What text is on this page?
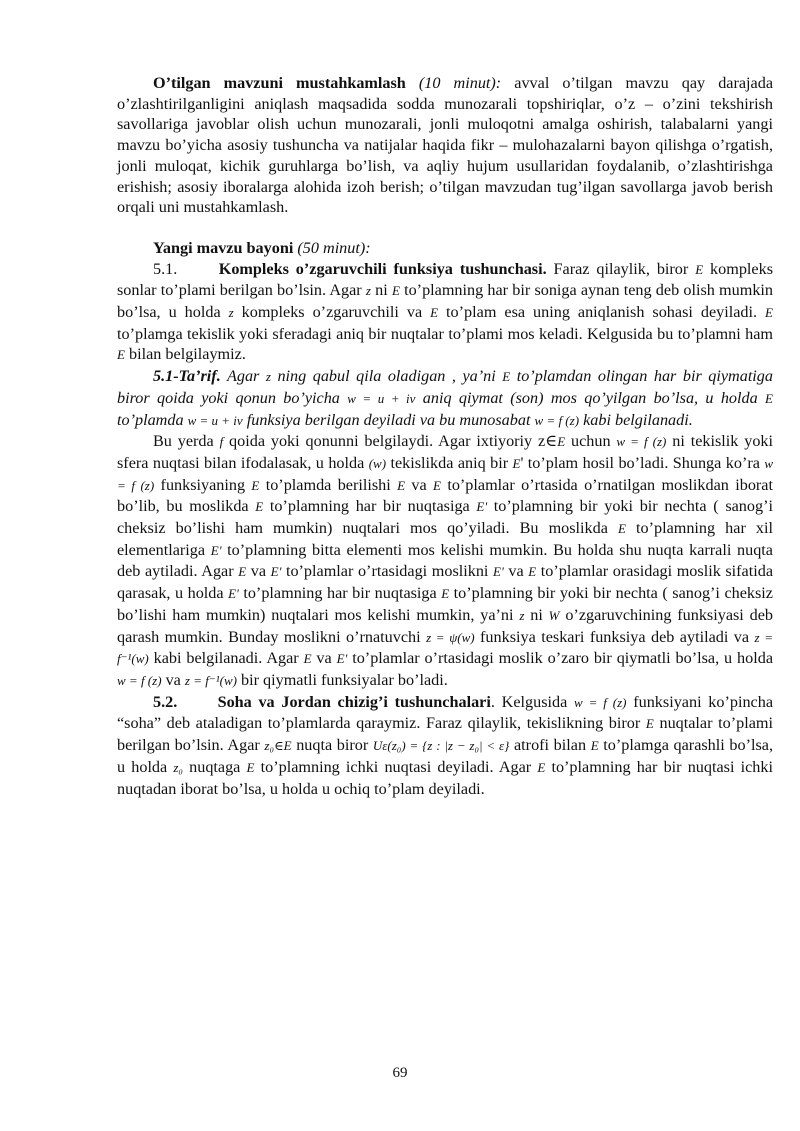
O’tilgan mavzuni mustahkamlash (10 minut): avval o’tilgan mavzu qay darajada o’zlashtirilganligini aniqlash maqsadida sodda munozarali topshiriqlar, o’z – o’zini tekshirish savollariga javoblar olish uchun munozarali, jonli muloqotni amalga oshirish, talabalarni yangi mavzu bo’yicha asosiy tushuncha va natijalar haqida fikr – mulohazalarni bayon qilishga o’rgatish, jonli muloqat, kichik guruhlarga bo’lish, va aqliy hujum usullaridan foydalanib, o’zlashtirishga erishish; asosiy iboralarga alohida izoh berish; o’tilgan mavzudan tug’ilgan savollarga javob berish orqali uni mustahkamlash.

Yangi mavzu bayoni (50 minut):

5.1.	Kompleks o’zgaruvchili funksiya tushunchasi. Faraz qilaylik, biror E kompleks sonlar to’plami berilgan bo’lsin. Agar z ni E to’plamning har bir soniga aynan teng deb olish mumkin bo’lsa, u holda z kompleks o’zgaruvchili va E to’plam esa uning aniqlanish sohasi deyiladi. E to’plamga tekislik yoki sferadagi aniq bir nuqtalar to’plami mos keladi. Kelgusida bu to’plamni ham E bilan belgilaymiz.

5.1-Ta’rif. Agar z ning qabul qila oladigan , ya’ni E to’plamdan olingan har bir qiymatiga biror qoida yoki qonun bo’yicha w = u + iv aniq qiymat (son) mos qo’yilgan bo’lsa, u holda E to’plamda w = u + iv funksiya berilgan deyiladi va bu munosabat w = f (z) kabi belgilanadi.

Bu yerda f qoida yoki qonunni belgilaydi. Agar ixtiyoriy z∈E uchun w = f (z) ni tekislik yoki sfera nuqtasi bilan ifodalasak, u holda (w) tekislikda aniq bir E' to’plam hosil bo’ladi. Shunga ko’ra w = f (z) funksiyaning E to’plamda berilishi E va E to’plamlar o’rtasida o’rnatilgan moslikdan iborat bo’lib, bu moslikda E to’plamning har bir nuqtasiga E' to’plamning bir yoki bir nechta ( sanog’i cheksiz bo’lishi ham mumkin) nuqtalari mos qo’yiladi. Bu moslikda E to’plamning har xil elementlariga E' to’plamning bitta elementi mos kelishi mumkin. Bu holda shu nuqta karrali nuqta deb aytiladi. Agar E va E' to’plamlar o’rtasidagi moslikni E' va E to’plamlar orasidagi moslik sifatida qarasak, u holda E' to’plamning har bir nuqtasiga E to’plamning bir yoki bir nechta ( sanog’i cheksiz bo’lishi ham mumkin) nuqtalari mos kelishi mumkin, ya’ni z ni W o’zgaruvchining funksiyasi deb qarash mumkin. Bunday moslikni o’rnatuvchi z = ψ(w) funksiya teskari funksiya deb aytiladi va z = f⁻¹(w) kabi belgilanadi. Agar E va E' to’plamlar o’rtasidagi moslik o’zaro bir qiymatli bo’lsa, u holda w = f (z) va z = f⁻¹(w) bir qiymatli funksiyalar bo’ladi.

5.2. Soha va Jordan chizig’i tushunchalari. Kelgusida w = f (z) funksiyani ko’pincha “soha” deb ataladigan to’plamlarda qaraymiz. Faraz qilaylik, tekislikning biror E nuqtalar to’plami berilgan bo’lsin. Agar z₀∈E nuqta biror Uε(z₀) = {z : |z − z₀| < ε} atrofi bilan E to’plamga qarashli bo’lsa, u holda z₀ nuqtaga E to’plamning ichki nuqtasi deyiladi. Agar E to’plamning har bir nuqtasi ichki nuqtadan iborat bo’lsa, u holda u ochiq to’plam deyiladi.

69
